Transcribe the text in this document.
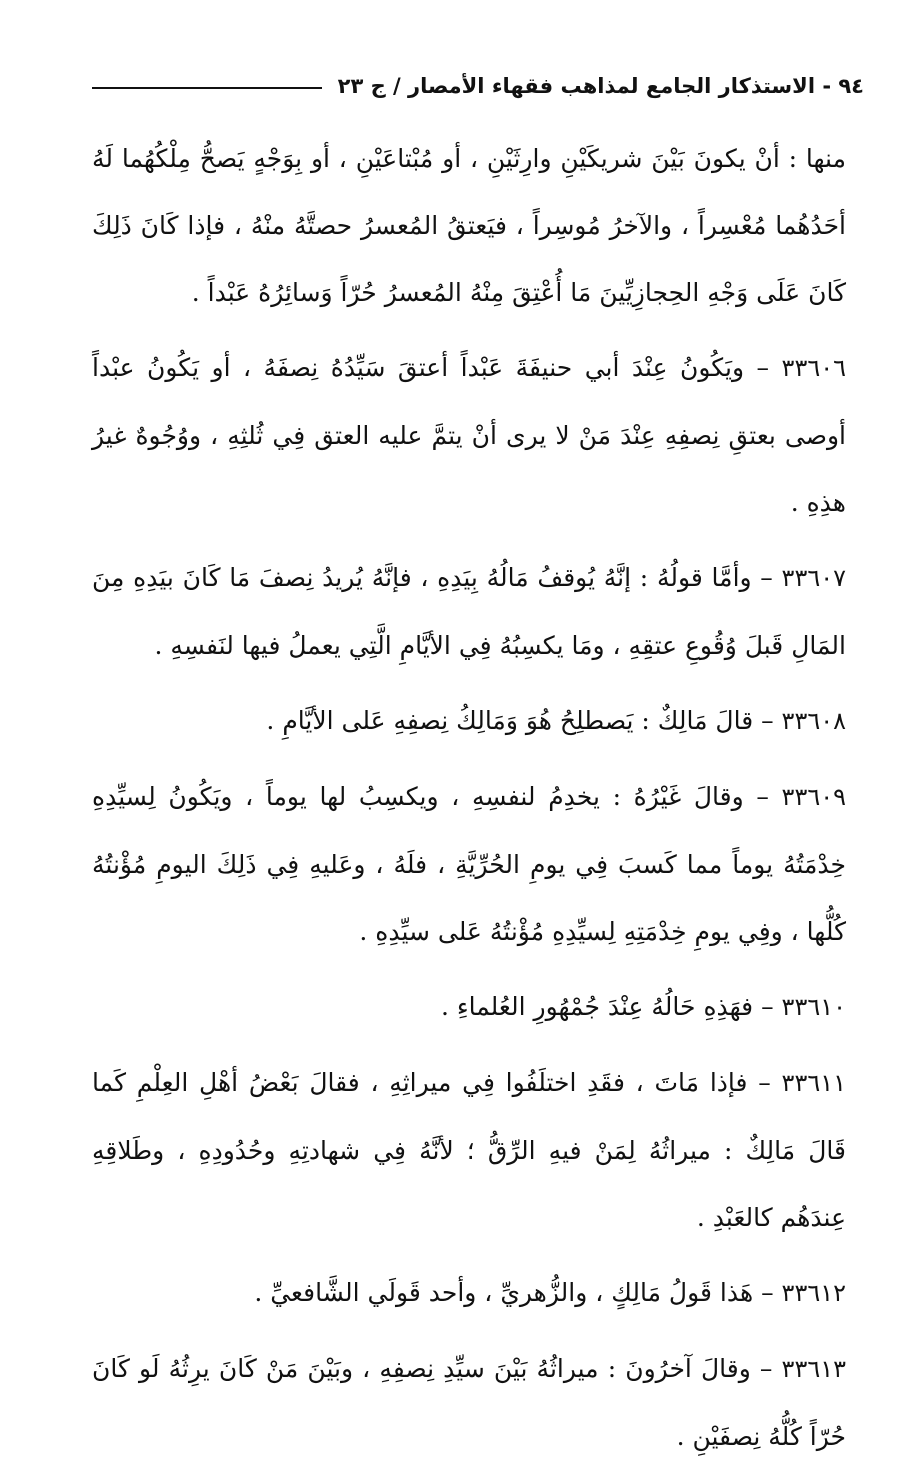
٩٤ - الاستذكار الجامع لمذاهب فقهاء الأمصار / ج ٢٣

منها : أنْ يكونَ بَيْنَ شريكَيْنِ وارِثَيْنِ ، أو مُبْتاعَيْنِ ، أو بِوَجْهٍ يَصحُّ مِلْكُهُما لَهُ أحَدُهُما مُعْسِراً ، والآخرُ مُوسِراً ، فيَعتقُ المُعسرُ حصتَّهُ منْهُ ، فإذا كَانَ ذَلِكَ كَانَ عَلَى وَجْهِ الحِجازِيِّينَ مَا أُعْتِقَ مِنْهُ المُعسرُ حُرّاً وَسائِرُهُ عَبْداً .

٣٣٦٠٦ – ويَكُونُ عِنْدَ أبي حنيفَةَ عَبْداً أعتقَ سَيِّدُهُ نِصفَهُ ، أو يَكُونُ عبْداً أوصى بعتقِ نِصفِهِ عِنْدَ مَنْ لا يرى أنْ يتمَّ عليه العتق فِي ثُلثِهِ ، ووُجُوهٌ غيرُ هذِهِ .

٣٣٦٠٧ – وأمَّا قولُهُ : إنَّهُ يُوقفُ مَالُهُ بِيَدِهِ ، فإنَّهُ يُريدُ نِصفَ مَا كَانَ بيَدِهِ مِنَ المَالِ قَبلَ وُقُوعِ عتقِهِ ، ومَا يكسِبُهُ فِي الأيَّامِ الَّتِي يعملُ فيها لنَفسِهِ .

٣٣٦٠٨ – قالَ مَالِكٌ : يَصطلِحُ هُوَ وَمَالِكُ نِصفِهِ عَلى الأيَّامِ .

٣٣٦٠٩ – وقالَ غَيْرُهُ : يخدِمُ لنفسِهِ ، ويكسِبُ لها يوماً ، ويَكُونُ لِسيِّدِهِ خِدْمَتُهُ يوماً مما كَسبَ فِي يومِ الحُرِّيَّةِ ، فلَهُ ، وعَليهِ فِي ذَلِكَ اليومِ مُؤْنتُهُ كُلُّها ، وفِي يومِ خِدْمَتِهِ لِسيِّدِهِ مُؤْنتُهُ عَلى سيِّدِهِ .

٣٣٦١٠ – فهَذِهِ حَالُهُ عِنْدَ جُمْهُورِ العُلماءِ .

٣٣٦١١ – فإذا مَاتَ ، فقَدِ اختلَفُوا فِي ميراثِهِ ، فقالَ بَعْضُ أهْلِ العِلْمِ كَما قَالَ مَالِكٌ : ميراثُهُ لِمَنْ فيهِ الرِّقُّ ؛ لأنَّهُ فِي شهادتِهِ وحُدُودِهِ ، وطَلاقِهِ عِندَهُم كالعَبْدِ .

٣٣٦١٢ – هَذا قَولُ مَالِكٍ ، والزُّهريِّ ، وأحد قَولَي الشَّافعيِّ .

٣٣٦١٣ – وقالَ آخرُونَ : ميراثُهُ بَيْنَ سيِّدِ نِصفِهِ ، وبَيْنَ مَنْ كَانَ يرِثُهُ لَو كَانَ حُرّاً كُلُّهُ نِصفَيْنِ .
